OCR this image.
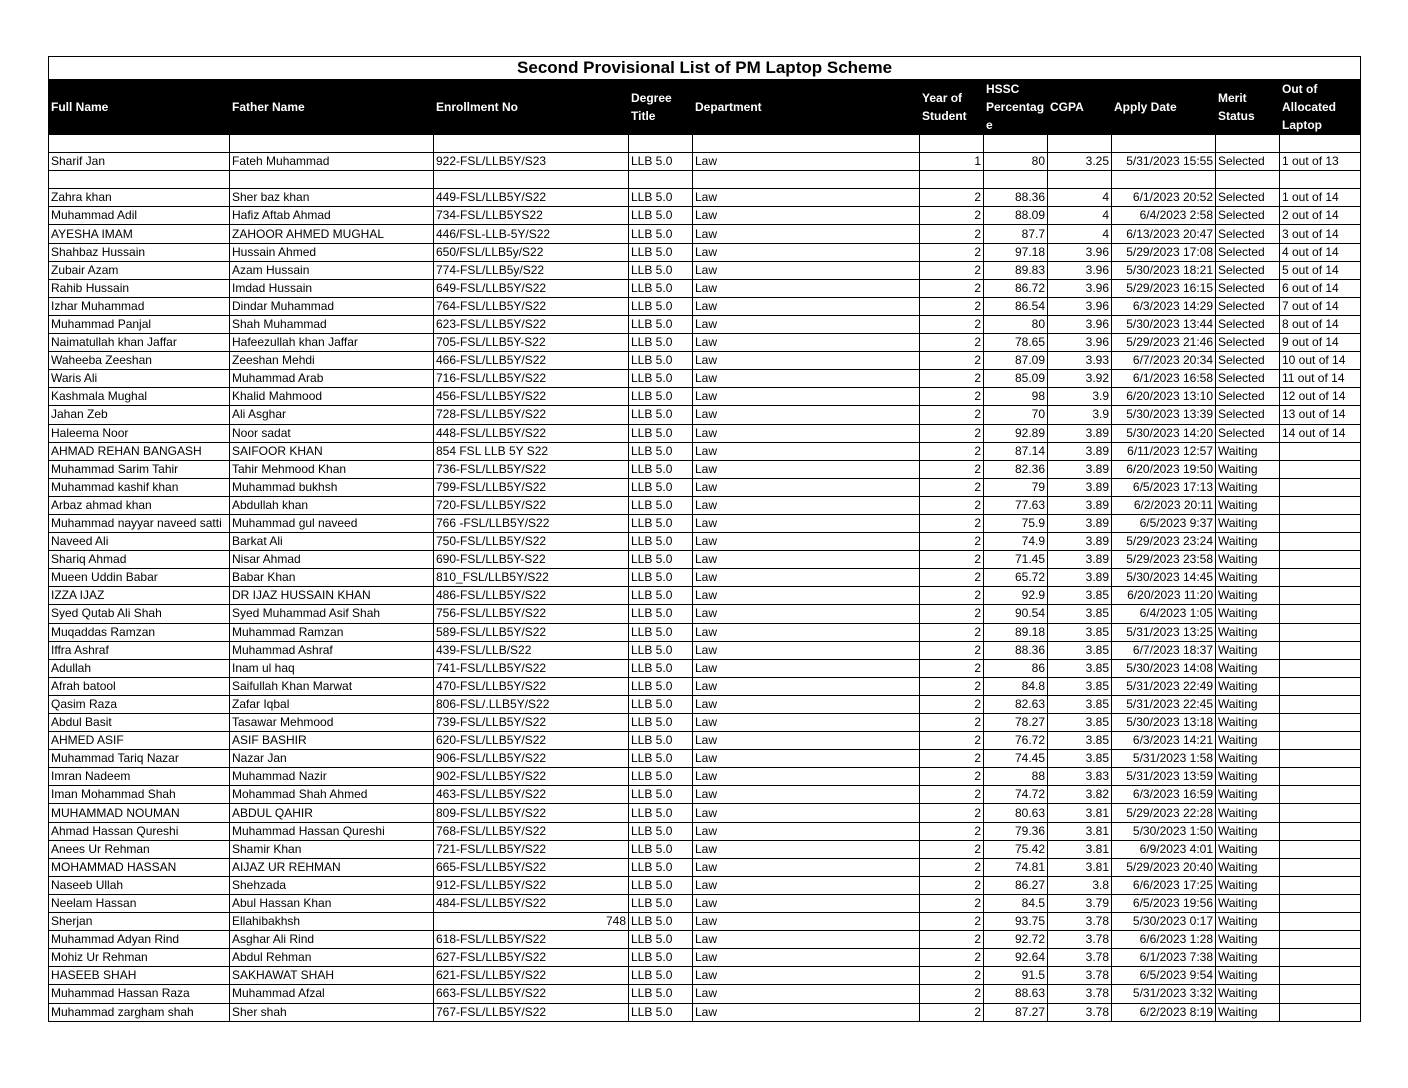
Second Provisional List of PM Laptop Scheme										
Full Name	Father Name	Enrollment No	Degree Title	Department	Year of Student	HSSC Percentag e	CGPA	Apply Date	Merit Status	Out of Allocated Laptop

Sharif Jan	Fateh Muhammad	922-FSL/LLB5Y/S23	LLB 5.0	Law	1	80	3.25	5/31/2023 15:55	Selected	1 out of 13

Zahra khan	Sher baz khan	449-FSL/LLB5Y/S22	LLB 5.0	Law	2	88.36	4	6/1/2023 20:52	Selected	1 out of 14
Muhammad Adil	Hafiz Aftab Ahmad	734-FSL/LLB5YS22	LLB 5.0	Law	2	88.09	4	6/4/2023 2:58	Selected	2 out of 14
AYESHA IMAM	ZAHOOR AHMED MUGHAL	446/FSL-LLB-5Y/S22	LLB 5.0	Law	2	87.7	4	6/13/2023 20:47	Selected	3 out of 14
Shahbaz Hussain	Hussain Ahmed	650/FSL/LLB5y/S22	LLB 5.0	Law	2	97.18	3.96	5/29/2023 17:08	Selected	4 out of 14
Zubair Azam	Azam Hussain	774-FSL/LLB5y/S22	LLB 5.0	Law	2	89.83	3.96	5/30/2023 18:21	Selected	5 out of 14
Rahib Hussain	Imdad Hussain	649-FSL/LLB5Y/S22	LLB 5.0	Law	2	86.72	3.96	5/29/2023 16:15	Selected	6 out of 14
Izhar Muhammad	Dindar Muhammad	764-FSL/LLB5Y/S22	LLB 5.0	Law	2	86.54	3.96	6/3/2023 14:29	Selected	7 out of 14
Muhammad Panjal	Shah Muhammad	623-FSL/LLB5Y/S22	LLB 5.0	Law	2	80	3.96	5/30/2023 13:44	Selected	8 out of 14
Naimatullah khan Jaffar	Hafeezullah khan Jaffar	705-FSL/LLB5Y-S22	LLB 5.0	Law	2	78.65	3.96	5/29/2023 21:46	Selected	9 out of 14
Waheeba Zeeshan	Zeeshan Mehdi	466-FSL/LLB5Y/S22	LLB 5.0	Law	2	87.09	3.93	6/7/2023 20:34	Selected	10 out of 14
Waris Ali	Muhammad Arab	716-FSL/LLB5Y/S22	LLB 5.0	Law	2	85.09	3.92	6/1/2023 16:58	Selected	11 out of 14
Kashmala Mughal	Khalid Mahmood	456-FSL/LLB5Y/S22	LLB 5.0	Law	2	98	3.9	6/20/2023 13:10	Selected	12 out of 14
Jahan Zeb	Ali Asghar	728-FSL/LLB5Y/S22	LLB 5.0	Law	2	70	3.9	5/30/2023 13:39	Selected	13 out of 14
Haleema Noor	Noor sadat	448-FSL/LLB5Y/S22	LLB 5.0	Law	2	92.89	3.89	5/30/2023 14:20	Selected	14 out of 14
AHMAD REHAN BANGASH	SAIFOOR KHAN	854 FSL LLB 5Y S22	LLB 5.0	Law	2	87.14	3.89	6/11/2023 12:57	Waiting	
Muhammad Sarim Tahir	Tahir Mehmood Khan	736-FSL/LLB5Y/S22	LLB 5.0	Law	2	82.36	3.89	6/20/2023 19:50	Waiting	
Muhammad kashif khan	Muhammad bukhsh	799-FSL/LLB5Y/S22	LLB 5.0	Law	2	79	3.89	6/5/2023 17:13	Waiting	
Arbaz ahmad khan	Abdullah khan	720-FSL/LLB5Y/S22	LLB 5.0	Law	2	77.63	3.89	6/2/2023 20:11	Waiting	
Muhammad nayyar naveed satti	Muhammad gul naveed	766 -FSL/LLB5Y/S22	LLB 5.0	Law	2	75.9	3.89	6/5/2023 9:37	Waiting	
Naveed Ali	Barkat Ali	750-FSL/LLB5Y/S22	LLB 5.0	Law	2	74.9	3.89	5/29/2023 23:24	Waiting	
Shariq Ahmad	Nisar Ahmad	690-FSL/LLB5Y-S22	LLB 5.0	Law	2	71.45	3.89	5/29/2023 23:58	Waiting	
Mueen Uddin Babar	Babar Khan	810_FSL/LLB5Y/S22	LLB 5.0	Law	2	65.72	3.89	5/30/2023 14:45	Waiting	
IZZA IJAZ	DR IJAZ HUSSAIN KHAN	486-FSL/LLB5Y/S22	LLB 5.0	Law	2	92.9	3.85	6/20/2023 11:20	Waiting	
Syed Qutab Ali Shah	Syed Muhammad Asif Shah	756-FSL/LLB5Y/S22	LLB 5.0	Law	2	90.54	3.85	6/4/2023 1:05	Waiting	
Muqaddas Ramzan	Muhammad Ramzan	589-FSL/LLB5Y/S22	LLB 5.0	Law	2	89.18	3.85	5/31/2023 13:25	Waiting	
Iffra Ashraf	Muhammad Ashraf	439-FSL/LLB/S22	LLB 5.0	Law	2	88.36	3.85	6/7/2023 18:37	Waiting	
Adullah	Inam ul haq	741-FSL/LLB5Y/S22	LLB 5.0	Law	2	86	3.85	5/30/2023 14:08	Waiting	
Afrah batool	Saifullah Khan Marwat	470-FSL/LLB5Y/S22	LLB 5.0	Law	2	84.8	3.85	5/31/2023 22:49	Waiting	
Qasim Raza	Zafar Iqbal	806-FSL/.LLB5Y/S22	LLB 5.0	Law	2	82.63	3.85	5/31/2023 22:45	Waiting	
Abdul Basit	Tasawar Mehmood	739-FSL/LLB5Y/S22	LLB 5.0	Law	2	78.27	3.85	5/30/2023 13:18	Waiting	
AHMED ASIF	ASIF BASHIR	620-FSL/LLB5Y/S22	LLB 5.0	Law	2	76.72	3.85	6/3/2023 14:21	Waiting	
Muhammad Tariq Nazar	Nazar Jan	906-FSL/LLB5Y/S22	LLB 5.0	Law	2	74.45	3.85	5/31/2023 1:58	Waiting	
Imran Nadeem	Muhammad Nazir	902-FSL/LLB5Y/S22	LLB 5.0	Law	2	88	3.83	5/31/2023 13:59	Waiting	
Iman Mohammad Shah	Mohammad Shah Ahmed	463-FSL/LLB5Y/S22	LLB 5.0	Law	2	74.72	3.82	6/3/2023 16:59	Waiting	
MUHAMMAD NOUMAN	ABDUL QAHIR	809-FSL/LLB5Y/S22	LLB 5.0	Law	2	80.63	3.81	5/29/2023 22:28	Waiting	
Ahmad Hassan Qureshi	Muhammad Hassan Qureshi	768-FSL/LLB5Y/S22	LLB 5.0	Law	2	79.36	3.81	5/30/2023 1:50	Waiting	
Anees Ur Rehman	Shamir Khan	721-FSL/LLB5Y/S22	LLB 5.0	Law	2	75.42	3.81	6/9/2023 4:01	Waiting	
MOHAMMAD HASSAN	AIJAZ UR REHMAN	665-FSL/LLB5Y/S22	LLB 5.0	Law	2	74.81	3.81	5/29/2023 20:40	Waiting	
Naseeb Ullah	Shehzada	912-FSL/LLB5Y/S22	LLB 5.0	Law	2	86.27	3.8	6/6/2023 17:25	Waiting	
Neelam Hassan	Abul Hassan Khan	484-FSL/LLB5Y/S22	LLB 5.0	Law	2	84.5	3.79	6/5/2023 19:56	Waiting	
Sherjan	Ellahibakhsh	748	LLB 5.0	Law	2	93.75	3.78	5/30/2023 0:17	Waiting	
Muhammad Adyan Rind	Asghar Ali Rind	618-FSL/LLB5Y/S22	LLB 5.0	Law	2	92.72	3.78	6/6/2023 1:28	Waiting	
Mohiz Ur Rehman	Abdul Rehman	627-FSL/LLB5Y/S22	LLB 5.0	Law	2	92.64	3.78	6/1/2023 7:38	Waiting	
HASEEB SHAH	SAKHAWAT SHAH	621-FSL/LLB5Y/S22	LLB 5.0	Law	2	91.5	3.78	6/5/2023 9:54	Waiting	
Muhammad Hassan Raza	Muhammad Afzal	663-FSL/LLB5Y/S22	LLB 5.0	Law	2	88.63	3.78	5/31/2023 3:32	Waiting	
Muhammad zargham shah	Sher shah	767-FSL/LLB5Y/S22	LLB 5.0	Law	2	87.27	3.78	6/2/2023 8:19	Waiting	
